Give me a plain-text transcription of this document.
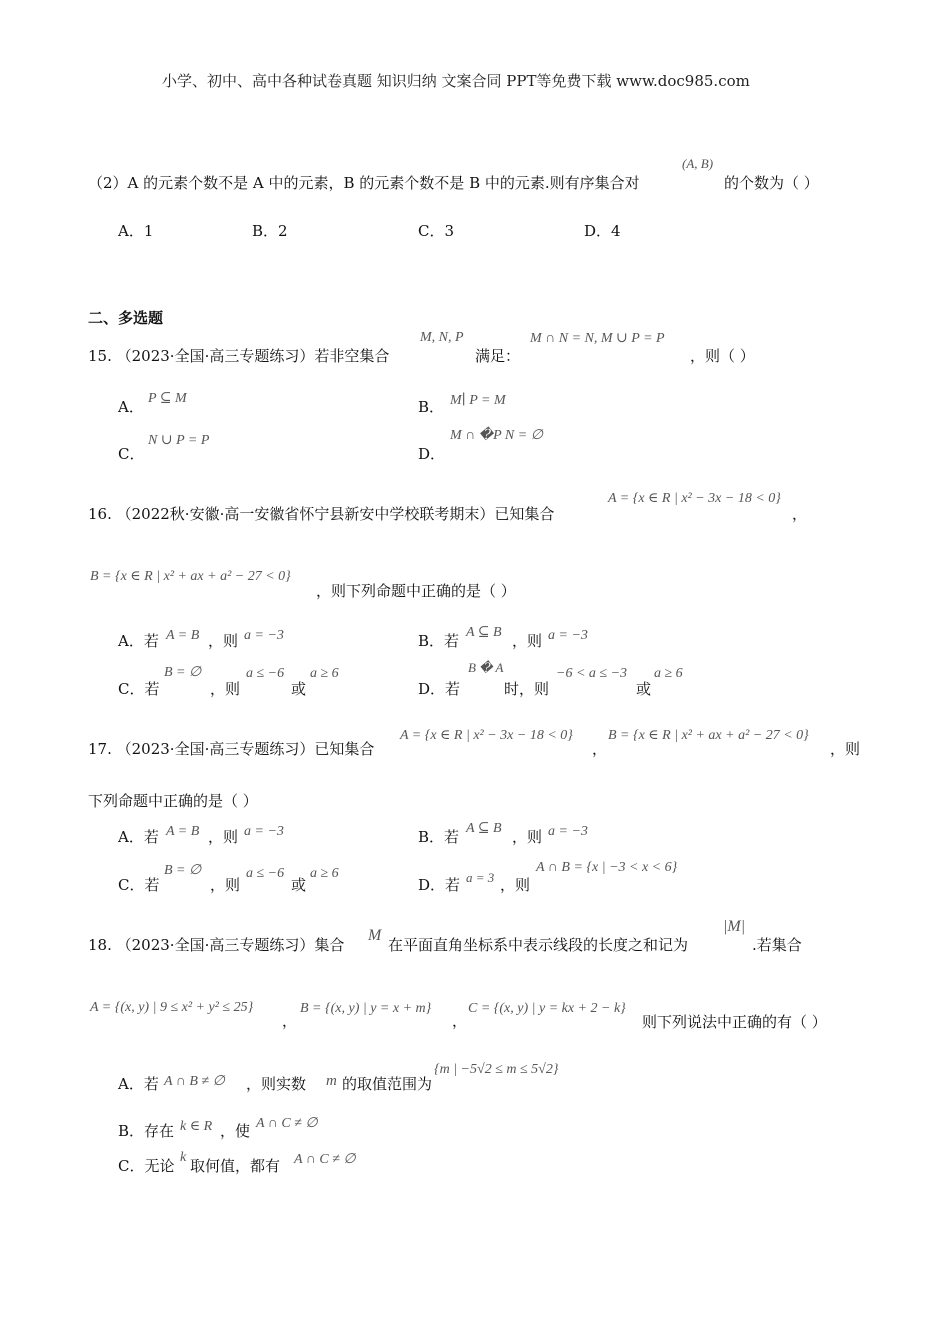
小学、初中、高中各种试卷真题 知识归纳 文案合同 PPT等免费下载 www.doc985.com
（2）A 的元素个数不是 A 中的元素，B 的元素个数不是 B 中的元素.则有序集合对
(A, B)
的个数为（ ）
A．1	B．2	C．3	D．4
二、多选题
15. （2023·全国·高三专题练习）若非空集合
M, N, P
满足：
M ∩ N = N, M ∪ P = P
，则（ ）
A． P ⊆ M	B． M∣ P = M
C．
N ∪ P = P
D．
M ∩ �P N = ∅
16. （2022秋·安徽·高一安徽省怀宁县新安中学校联考期末）已知集合
A = {x ∈ R | x² − 3x − 18 < 0}
，
B = {x ∈ R | x² + ax + a² − 27 < 0}
，则下列命题中正确的是（ ）
A．若 A = B ，则 a = −3	B．若 A ⊆ B ，则 a = −3
C．若
B = ∅
，则
a ≤ −6
或
a ≥ 6
D．若
B � A
时，则
−6 < a ≤ −3
或
a ≥ 6
17. （2023·全国·高三专题练习）已知集合
A = {x ∈ R | x² − 3x − 18 < 0}
，
B = {x ∈ R | x² + ax + a² − 27 < 0}
，则
下列命题中正确的是（ ）
A．若 A = B ，则 a = −3	B．若 A ⊆ B ，则 a = −3
C．若
B = ∅
，则
a ≤ −6
或
a ≥ 6
D．若 a = 3 ，则
A ∩ B = {x | −3 < x < 6}
18. （2023·全国·高三专题练习）集合
M
在平面直角坐标系中表示线段的长度之和记为
|M|
.若集合
A = {(x, y) | 9 ≤ x² + y² ≤ 25}
，
B = {(x, y) | y = x + m}
，
C = {(x, y) | y = kx + 2 − k}
则下列说法中正确的有（ ）
A．若 A ∩ B ≠ ∅ ，则实数 m 的取值范围为
{m | −5√2 ≤ m ≤ 5√2}
B．存在 k ∈ R ，使 A ∩ C ≠ ∅
C．无论 k 取何值，都有 A ∩ C ≠ ∅
